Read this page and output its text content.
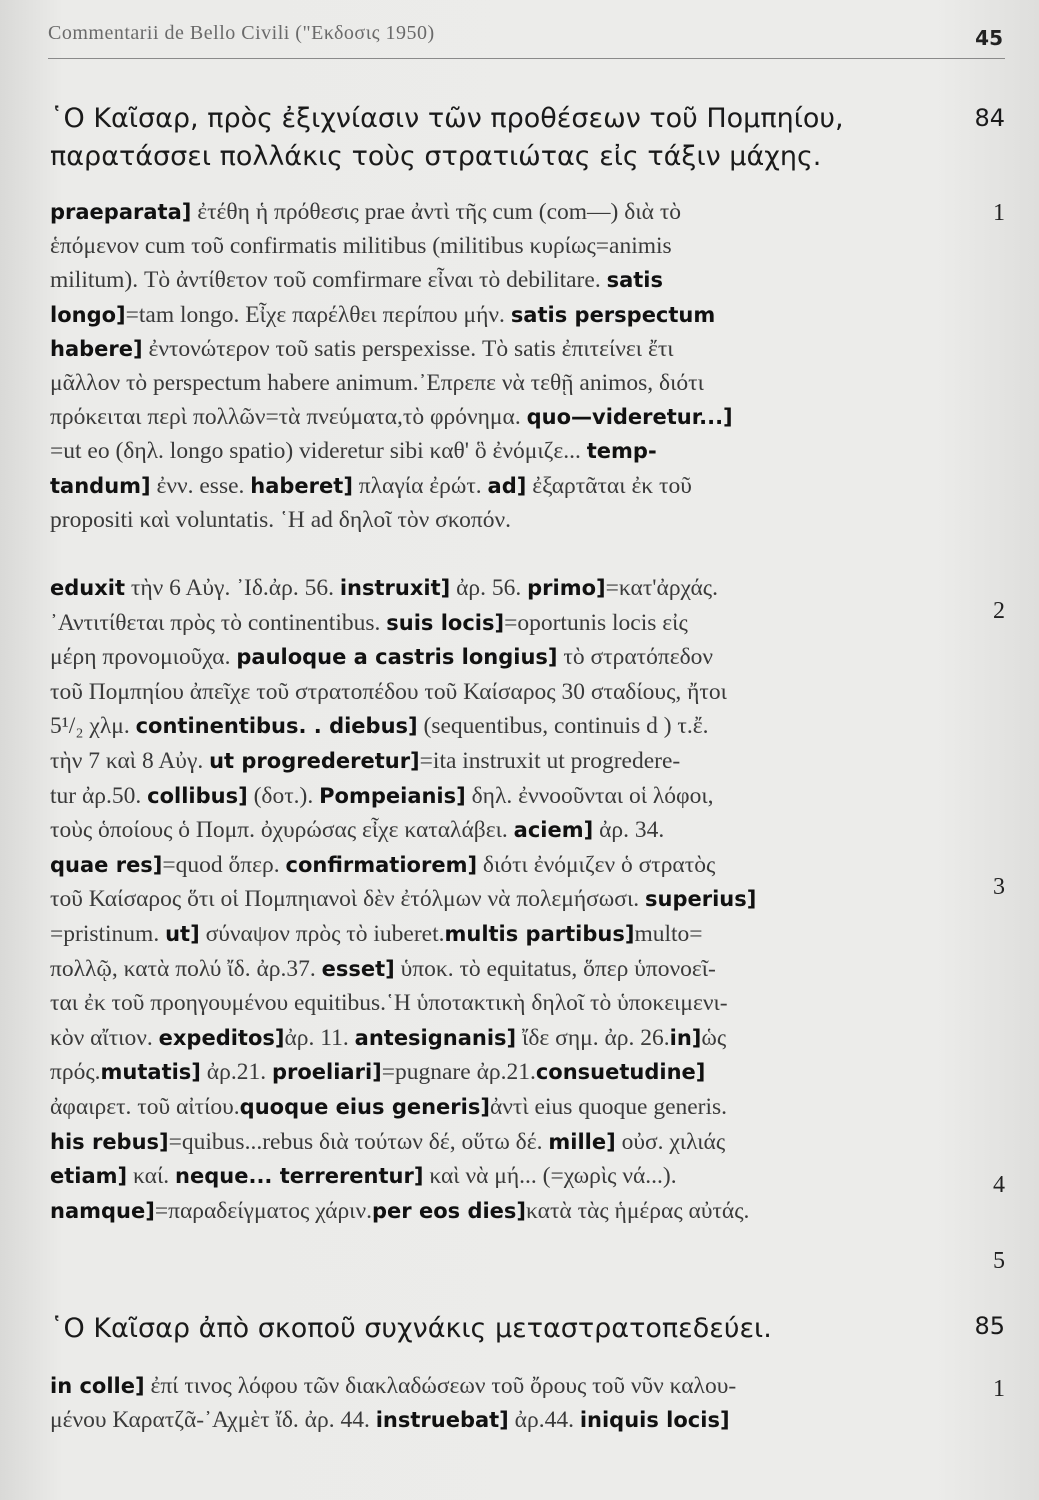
Commentarii de Bello Civili ("Εκδοσις 1950)	45
῾Ο Καῖσαρ, πρὸς ἐξιχνίασιν τῶν προθέσεων τοῦ Πομπηίου,
παρατάσσει πολλάκις τοὺς στρατιώτας εἰς τάξιν μάχης.
84
῾Ο Καῖσαρ ἀπὸ σκοποῦ συχνάκις μεταστρατοπεδεύει.	85
1
2
3
4
5
1
praeparata] ἐτέθη ἡ πρόθεσις prae ἀντὶ τῆς cum (com—) διὰ τὸ
ἑπόμενον cum τοῦ confirmatis militibus (militibus κυρίως=animis
militum). Τὸ ἀντίθετον τοῦ comfirmare εἶναι τὸ debilitare. satis
longo]=tam longo. Εἶχε παρέλθει περίπου μήν. satis perspectum
habere] ἐντονώτερον τοῦ satis perspexisse. Τὸ satis ἐπιτείνει ἔτι
μᾶλλον τὸ perspectum habere animum.᾿Επρεπε νὰ τεθῇ animos, διότι
πρόκειται περὶ πολλῶν=τὰ πνεύματα,τὸ φρόνημα. quo—videretur...]
=ut eo (δηλ. longo spatio) videretur sibi καθ' ὃ ἐνόμιζε... temp-
tandum] ἐνν. esse. haberet] πλαγία ἐρώτ. ad] ἐξαρτᾶται ἐκ τοῦ
propositi καὶ voluntatis. ῾Η ad δηλοῖ τὸν σκοπόν.
eduxit τὴν 6 Αὐγ. ᾿Ιδ.ἀρ. 56. instruxit] ἀρ. 56. primo]=κατ'ἀρχάς.
᾿Αντιτίθεται πρὸς τὸ continentibus. suis locis]=oportunis locis εἰς
μέρη προνομιοῦχα. pauloque a castris longius] τὸ στρατόπεδον
τοῦ Πομπηίου ἀπεῖχε τοῦ στρατοπέδου τοῦ Καίσαρος 30 σταδίους, ἤτοι
5¹/₂ χλμ. continentibus. . diebus] (sequentibus, continuis d ) τ.ἔ.
τὴν 7 καὶ 8 Αὐγ. ut progrederetur]=ita instruxit ut progredere-
tur ἀρ.50. collibus] (δοτ.). Pompeianis] δηλ. ἐννοοῦνται οἱ λόφοι,
τοὺς ὁποίους ὁ Πομπ. ὀχυρώσας εἶχε καταλάβει. aciem] ἀρ. 34.
quae res]=quod ὅπερ. confirmatiorem] διότι ἐνόμιζεν ὁ στρατὸς
τοῦ Καίσαρος ὅτι οἱ Πομπηιανοὶ δὲν ἐτόλμων νὰ πολεμήσωσι. superius]
=pristinum. ut] σύναψον πρὸς τὸ iuberet.multis partibus]multo=
πολλῷ, κατὰ πολύ ἴδ. ἀρ.37. esset] ὑποκ. τὸ equitatus, ὅπερ ὑπονοεῖ-
ται ἐκ τοῦ προηγουμένου equitibus.῾Η ὑποτακτικὴ δηλοῖ τὸ ὑποκειμενι-
κὸν αἴτιον. expeditos]ἀρ. 11. antesignanis] ἴδε σημ. ἀρ. 26.in]ὡς
πρός.mutatis] ἀρ.21. proeliari]=pugnare ἀρ.21.consuetudine]
ἀφαιρετ. τοῦ αἰτίου.quoque eius generis]ἀντὶ eius quoque generis.
his rebus]=quibus...rebus διὰ τούτων δέ, οὕτω δέ. mille] οὐσ. χιλιάς
etiam] καί. neque... terrerentur] καὶ νὰ μή... (=χωρὶς νά...).
namque]=παραδείγματος χάριν.per eos dies]κατὰ τὰς ἡμέρας αὐτάς.
in colle] ἐπί τινος λόφου τῶν διακλαδώσεων τοῦ ὄρους τοῦ νῦν καλου-
μένου Καρατζᾶ-᾿Αχμὲτ ἴδ. ἀρ. 44. instruebat] ἀρ.44. iniquis locis]
